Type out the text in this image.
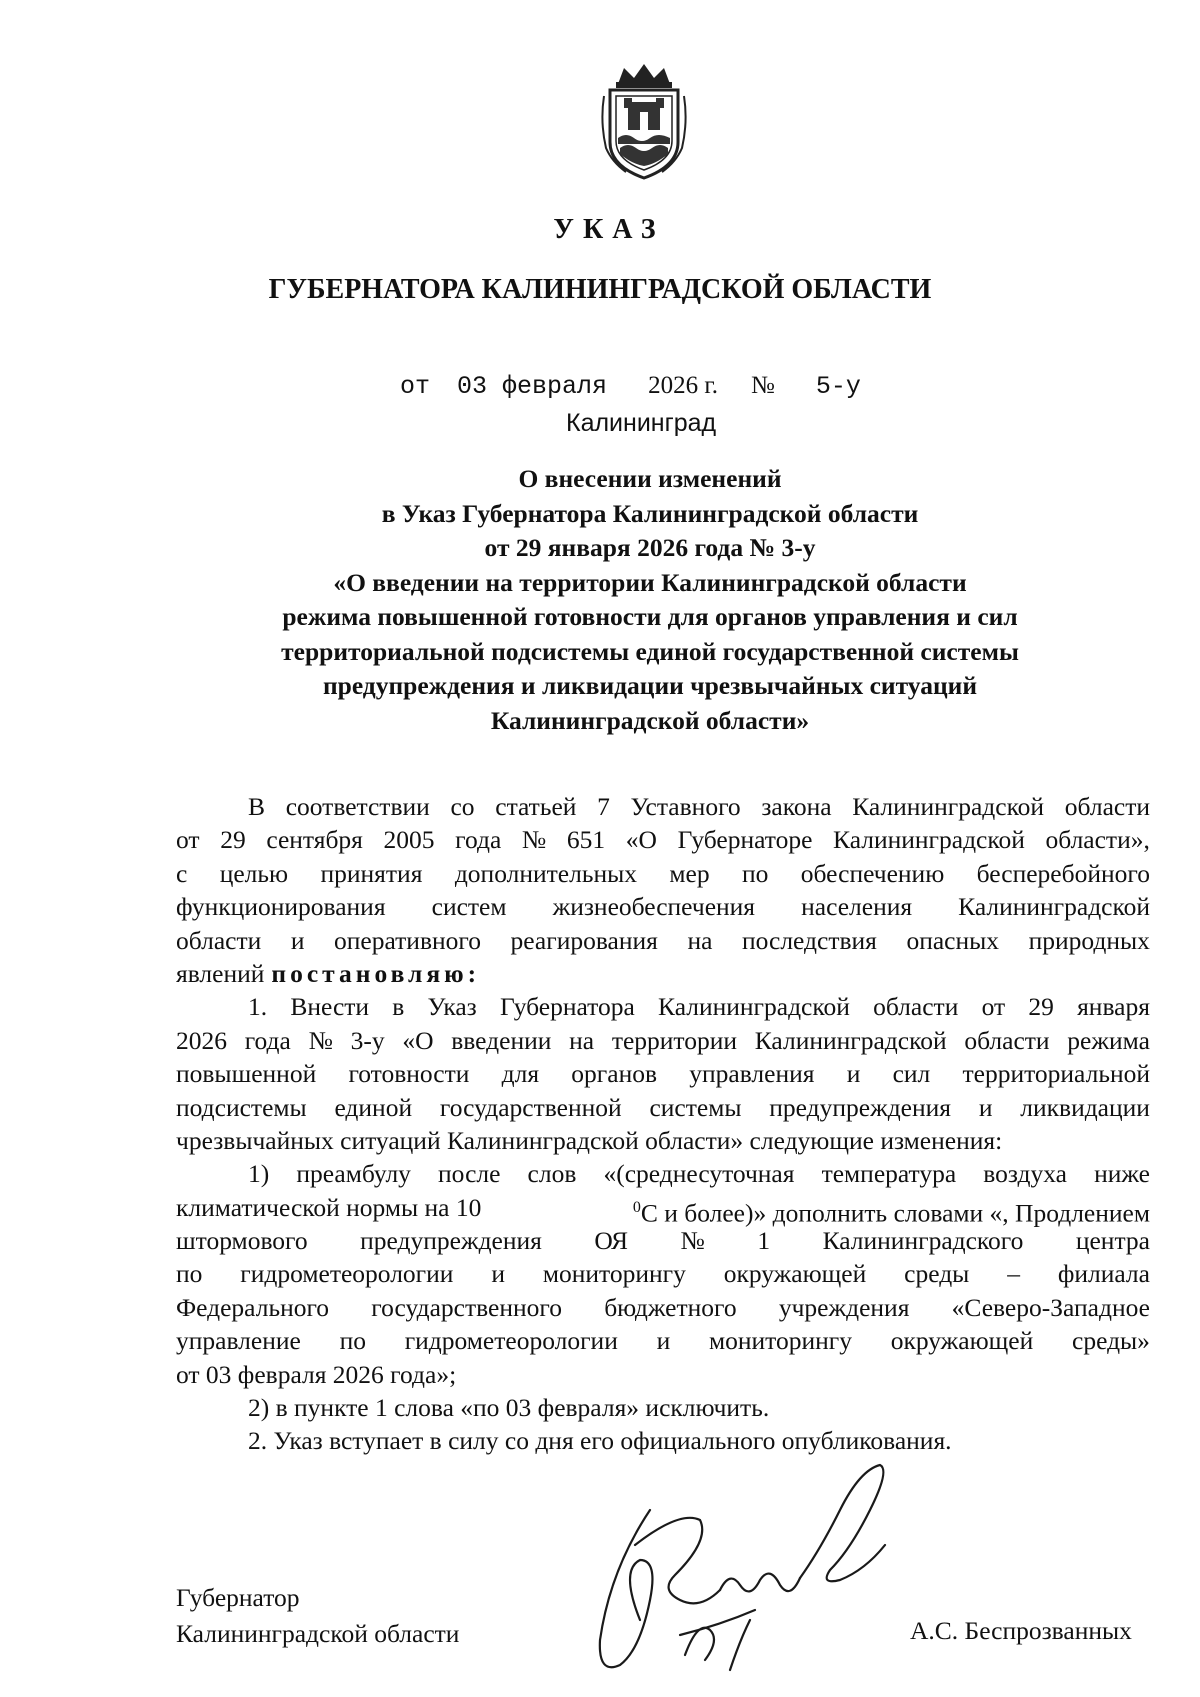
УКАЗ
ГУБЕРНАТОРА КАЛИНИНГРАДСКОЙ ОБЛАСТИ
от 03 февраля 2026 г. № 5-у
Калининград
О внесении изменений
в Указ Губернатора Калининградской области
от 29 января 2026 года № 3-у
«О введении на территории Калининградской области
режима повышенной готовности для органов управления и сил
территориальной подсистемы единой государственной системы
предупреждения и ликвидации чрезвычайных ситуаций
Калининградской области»
В соответствии со статьей 7 Уставного закона Калининградской области
от 29 сентября 2005 года № 651 «О Губернаторе Калининградской области»,
с целью принятия дополнительных мер по обеспечению бесперебойного
функционирования систем жизнеобеспечения населения Калининградской
области и оперативного реагирования на последствия опасных природных
явлений постановляю:
1. Внести в Указ Губернатора Калининградской области от 29 января
2026 года № 3-у «О введении на территории Калининградской области режима
повышенной готовности для органов управления и сил территориальной
подсистемы единой государственной системы предупреждения и ликвидации
чрезвычайных ситуаций Калининградской области» следующие изменения:
1) преамбулу после слов «(среднесуточная температура воздуха ниже
климатической нормы на 10	$^0$С и более)» дополнить словами «, Продлением
штормового предупреждения ОЯ № 1 Калининградского центра
по гидрометеорологии и мониторингу окружающей среды – филиала
Федерального государственного бюджетного учреждения «Северо-Западное
управление по гидрометеорологии и мониторингу окружающей среды»
от 03 февраля 2026 года»;
2) в пункте 1 слова «по 03 февраля» исключить.
2. Указ вступает в силу со дня его официального опубликования.
Губернатор
Калининградской области	А.С. Беспрозванных
